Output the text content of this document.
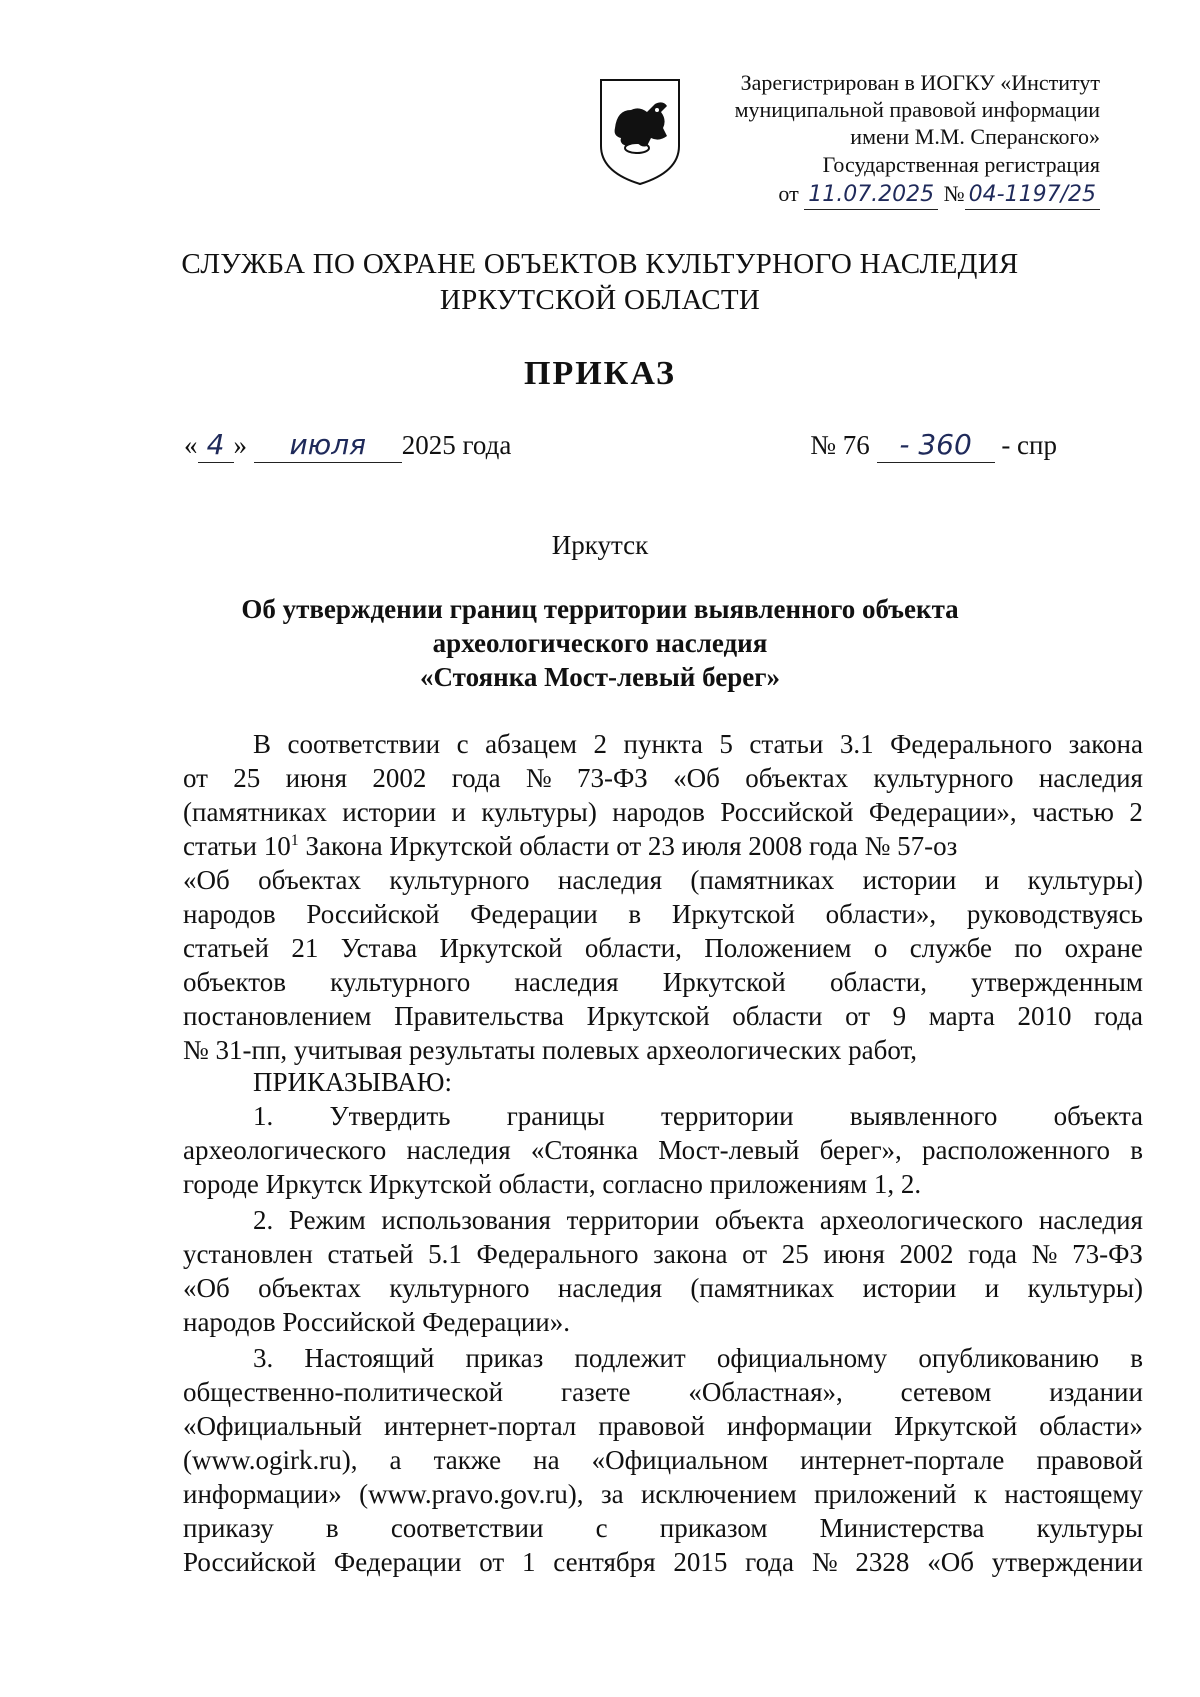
Зарегистрирован в ИОГКУ «Институт
муниципальной правовой информации
имени М.М. Сперанского»
Государственная регистрация
от 11.07.2025 № 04-1197/25
СЛУЖБА ПО ОХРАНЕ ОБЪЕКТОВ КУЛЬТУРНОГО НАСЛЕДИЯ
ИРКУТСКОЙ ОБЛАСТИ
ПРИКАЗ
« 4 » июля 2025 года	№ 76 - 360 - спр
Иркутск
Об утверждении границ территории выявленного объекта
археологического наследия
«Стоянка Мост-левый берег»
В соответствии с абзацем 2 пункта 5 статьи 3.1 Федерального закона
от 25 июня 2002 года № 73-ФЗ «Об объектах культурного наследия
(памятниках истории и культуры) народов Российской Федерации», частью 2
статьи $10^1$ Закона Иркутской области от 23 июля 2008 года № 57-оз
«Об объектах культурного наследия (памятниках истории и культуры)
народов Российской Федерации в Иркутской области», руководствуясь
статьей 21 Устава Иркутской области, Положением о службе по охране
объектов культурного наследия Иркутской области, утвержденным
постановлением Правительства Иркутской области от 9 марта 2010 года
№ 31-пп, учитывая результаты полевых археологических работ,
ПРИКАЗЫВАЮ:
1. Утвердить границы территории выявленного объекта
археологического наследия «Стоянка Мост-левый берег», расположенного в
городе Иркутск Иркутской области, согласно приложениям 1, 2.
2. Режим использования территории объекта археологического наследия
установлен статьей 5.1 Федерального закона от 25 июня 2002 года № 73-ФЗ
«Об объектах культурного наследия (памятниках истории и культуры)
народов Российской Федерации».
3. Настоящий приказ подлежит официальному опубликованию в
общественно-политической газете «Областная», сетевом издании
«Официальный интернет-портал правовой информации Иркутской области»
(www.ogirk.ru), а также на «Официальном интернет-портале правовой
информации» (www.pravo.gov.ru), за исключением приложений к настоящему
приказу в соответствии с приказом Министерства культуры
Российской Федерации от 1 сентября 2015 года № 2328 «Об утверждении
